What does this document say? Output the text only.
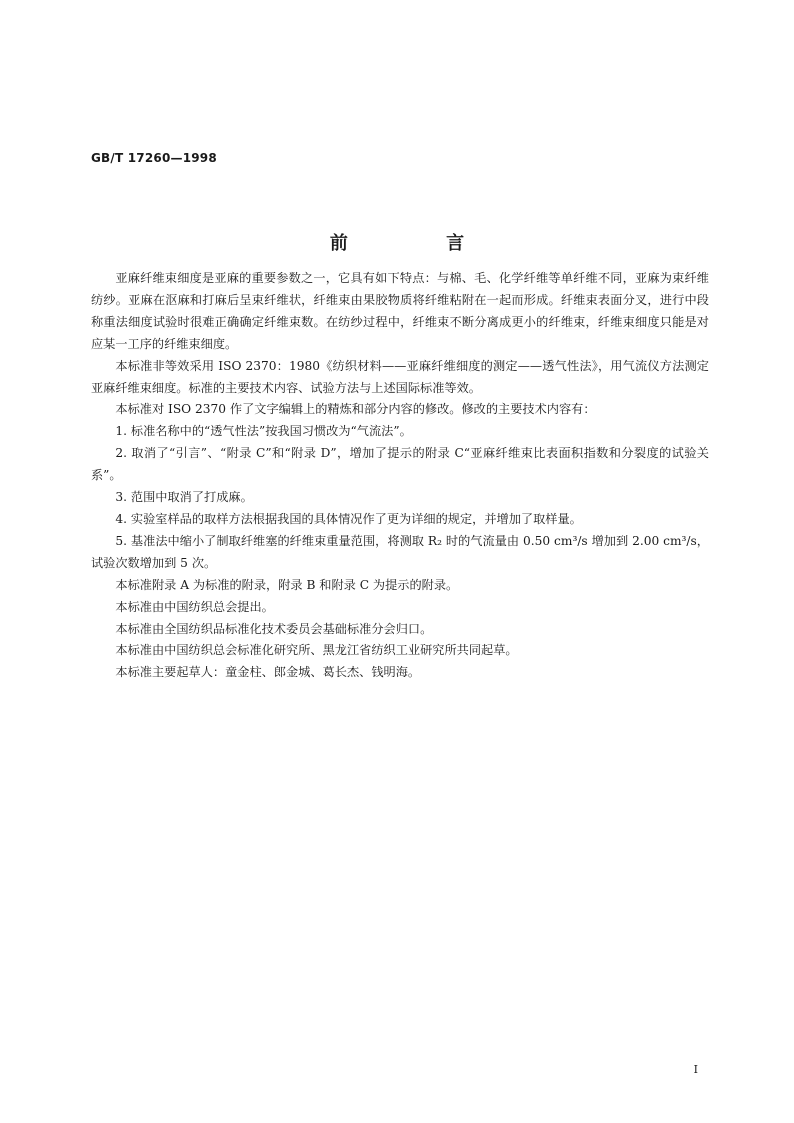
GB/T 17260—1998
前 言

亚麻纤维束细度是亚麻的重要参数之一，它具有如下特点：与棉、毛、化学纤维等单纤维不同，亚麻为束纤维纺纱。亚麻在沤麻和打麻后呈束纤维状，纤维束由果胶物质将纤维粘附在一起而形成。纤维束表面分叉，进行中段称重法细度试验时很难正确确定纤维束数。在纺纱过程中，纤维束不断分离成更小的纤维束，纤维束细度只能是对应某一工序的纤维束细度。

本标准非等效采用 ISO 2370：1980《纺织材料——亚麻纤维细度的测定——透气性法》，用气流仪方法测定亚麻纤维束细度。标准的主要技术内容、试验方法与上述国际标准等效。

本标准对 ISO 2370 作了文字编辑上的精炼和部分内容的修改。修改的主要技术内容有：

1. 标准名称中的“透气性法”按我国习惯改为“气流法”。

2. 取消了“引言”、“附录 C”和“附录 D”，增加了提示的附录 C“亚麻纤维束比表面积指数和分裂度的试验关系”。

3. 范围中取消了打成麻。

4. 实验室样品的取样方法根据我国的具体情况作了更为详细的规定，并增加了取样量。

5. 基准法中缩小了制取纤维塞的纤维束重量范围，将测取 R₂ 时的气流量由 0.50 cm³/s 增加到 2.00 cm³/s，试验次数增加到 5 次。

本标准附录 A 为标准的附录，附录 B 和附录 C 为提示的附录。

本标准由中国纺织总会提出。

本标准由全国纺织品标准化技术委员会基础标准分会归口。

本标准由中国纺织总会标准化研究所、黑龙江省纺织工业研究所共同起草。

本标准主要起草人：童金柱、郎金城、葛长杰、钱明海。

I
